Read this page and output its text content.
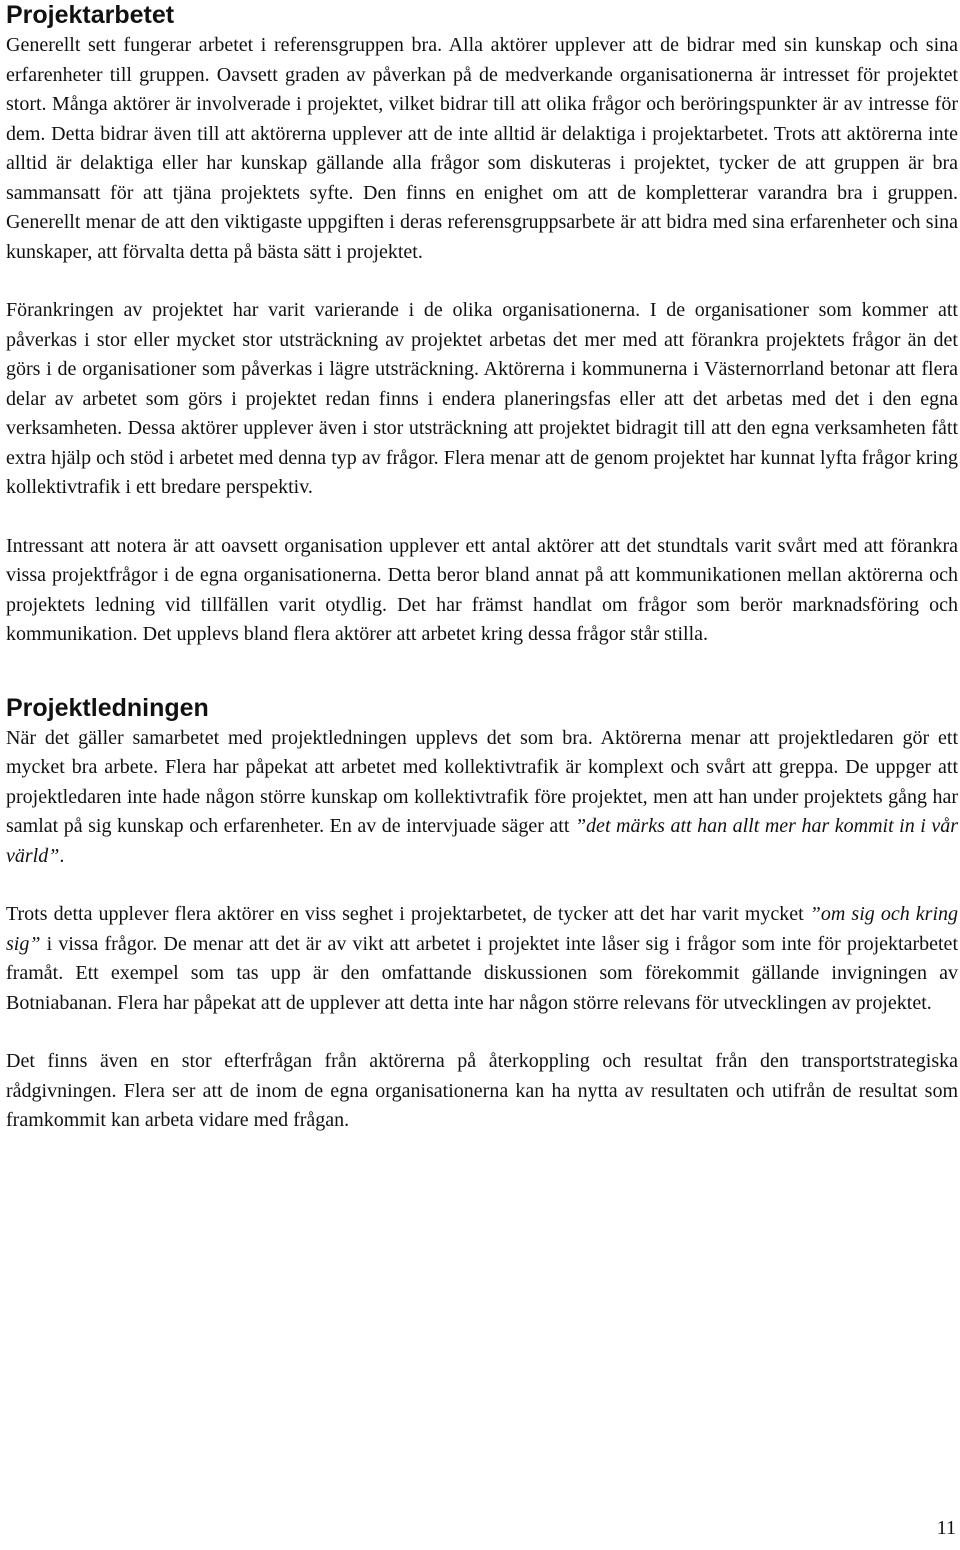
Projektarbetet

Generellt sett fungerar arbetet i referensgruppen bra. Alla aktörer upplever att de bidrar med sin kunskap och sina erfarenheter till gruppen. Oavsett graden av påverkan på de medverkande organisationerna är intresset för projektet stort. Många aktörer är involverade i projektet, vilket bidrar till att olika frågor och beröringspunkter är av intresse för dem. Detta bidrar även till att aktörerna upplever att de inte alltid är delaktiga i projektarbetet. Trots att aktörerna inte alltid är delaktiga eller har kunskap gällande alla frågor som diskuteras i projektet, tycker de att gruppen är bra sammansatt för att tjäna projektets syfte. Den finns en enighet om att de kompletterar varandra bra i gruppen. Generellt menar de att den viktigaste uppgiften i deras referensgruppsarbete är att bidra med sina erfarenheter och sina kunskaper, att förvalta detta på bästa sätt i projektet.

Förankringen av projektet har varit varierande i de olika organisationerna. I de organisationer som kommer att påverkas i stor eller mycket stor utsträckning av projektet arbetas det mer med att förankra projektets frågor än det görs i de organisationer som påverkas i lägre utsträckning. Aktörerna i kommunerna i Västernorrland betonar att flera delar av arbetet som görs i projektet redan finns i endera planeringsfas eller att det arbetas med det i den egna verksamheten. Dessa aktörer upplever även i stor utsträckning att projektet bidragit till att den egna verksamheten fått extra hjälp och stöd i arbetet med denna typ av frågor. Flera menar att de genom projektet har kunnat lyfta frågor kring kollektivtrafik i ett bredare perspektiv.

Intressant att notera är att oavsett organisation upplever ett antal aktörer att det stundtals varit svårt med att förankra vissa projektfrågor i de egna organisationerna. Detta beror bland annat på att kommunikationen mellan aktörerna och projektets ledning vid tillfällen varit otydlig. Det har främst handlat om frågor som berör marknadsföring och kommunikation. Det upplevs bland flera aktörer att arbetet kring dessa frågor står stilla.

Projektledningen

När det gäller samarbetet med projektledningen upplevs det som bra. Aktörerna menar att projektledaren gör ett mycket bra arbete. Flera har påpekat att arbetet med kollektivtrafik är komplext och svårt att greppa. De uppger att projektledaren inte hade någon större kunskap om kollektivtrafik före projektet, men att han under projektets gång har samlat på sig kunskap och erfarenheter. En av de intervjuade säger att ”det märks att han allt mer har kommit in i vår värld”.

Trots detta upplever flera aktörer en viss seghet i projektarbetet, de tycker att det har varit mycket ”om sig och kring sig” i vissa frågor. De menar att det är av vikt att arbetet i projektet inte låser sig i frågor som inte för projektarbetet framåt. Ett exempel som tas upp är den omfattande diskussionen som förekommit gällande invigningen av Botniabanan. Flera har påpekat att de upplever att detta inte har någon större relevans för utvecklingen av projektet.

Det finns även en stor efterfrågan från aktörerna på återkoppling och resultat från den transportstrategiska rådgivningen. Flera ser att de inom de egna organisationerna kan ha nytta av resultaten och utifrån de resultat som framkommit kan arbeta vidare med frågan.

11
